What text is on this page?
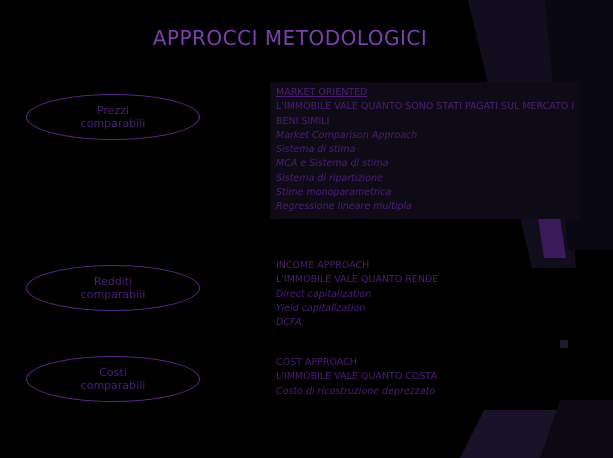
APPROCCI METODOLOGICI
Prezzi
comparabili
Redditi
comparabili
Costi
comparabili
MARKET ORIENTED
L'IMMOBILE VALE QUANTO SONO STATI PAGATI SUL MERCATO I
BENI SIMILI
Market Comparison Approach
Sistema di stima
MCA e Sistema di stima
Sistema di ripartizione
Stime monoparametrica
Regressione lineare multipla
INCOME APPROACH
L'IMMOBILE VALE QUANTO RENDE
Direct capitalization
Yield capitalization
DCFA
COST APPROACH
L'IMMOBILE VALE QUANTO COSTA
Costo di ricostruzione deprezzato
